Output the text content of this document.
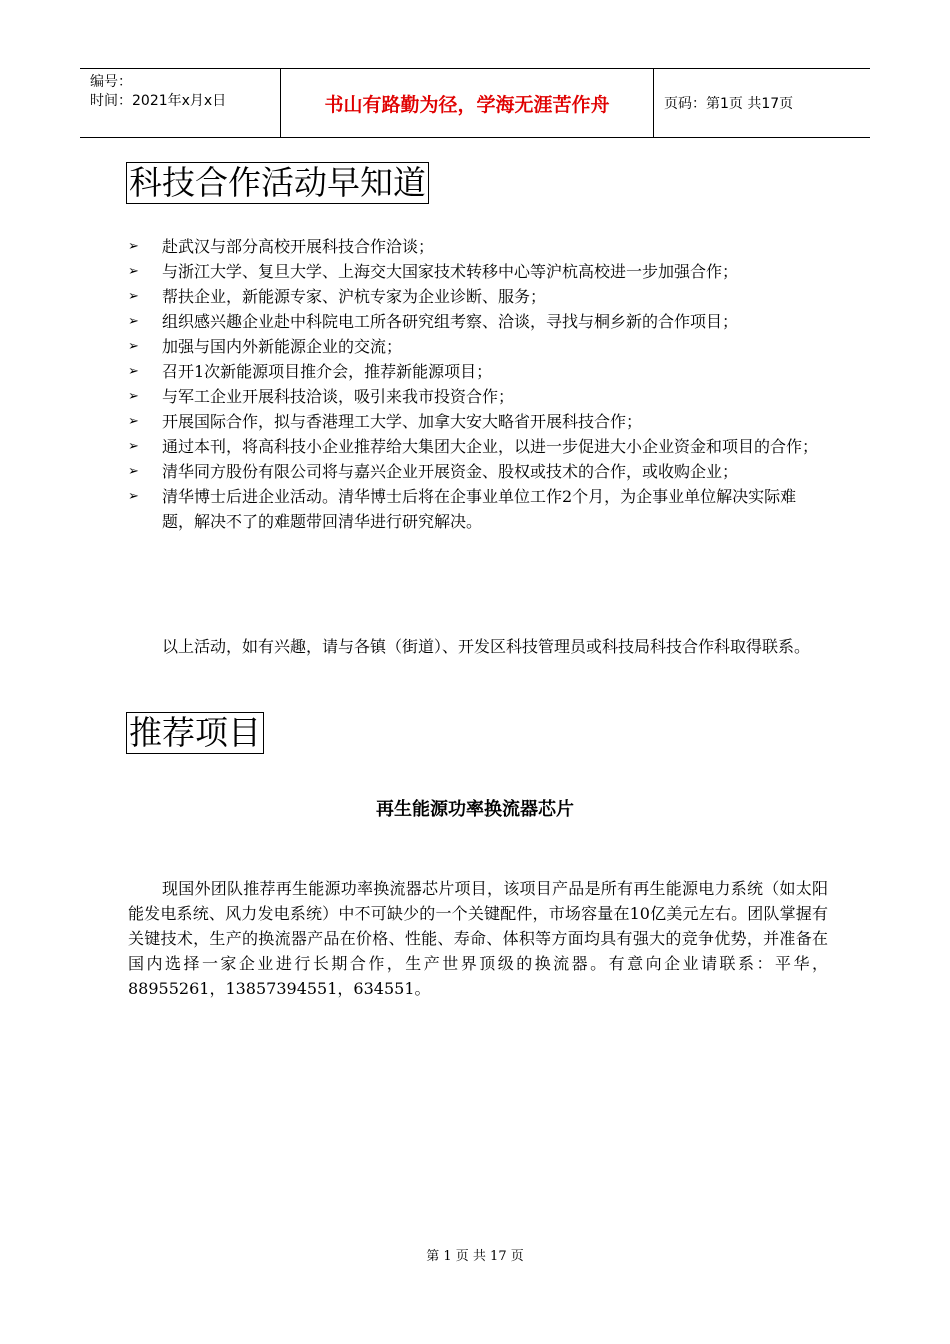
编号：
时间：2021年x月x日	书山有路勤为径，学海无涯苦作舟	页码：第1页 共17页
科技合作活动早知道
➢ 赴武汉与部分高校开展科技合作洽谈；
➢ 与浙江大学、复旦大学、上海交大国家技术转移中心等沪杭高校进一步加强合作；
➢ 帮扶企业，新能源专家、沪杭专家为企业诊断、服务；
➢ 组织感兴趣企业赴中科院电工所各研究组考察、洽谈，寻找与桐乡新的合作项目；
➢ 加强与国内外新能源企业的交流；
➢ 召开1次新能源项目推介会，推荐新能源项目；
➢ 与军工企业开展科技洽谈，吸引来我市投资合作；
➢ 开展国际合作，拟与香港理工大学、加拿大安大略省开展科技合作；
➢ 通过本刊，将高科技小企业推荐给大集团大企业，以进一步促进大小企业资金和项目的合作；
➢ 清华同方股份有限公司将与嘉兴企业开展资金、股权或技术的合作，或收购企业；
➢ 清华博士后进企业活动。清华博士后将在企事业单位工作2个月，为企事业单位解决实际难题，解决不了的难题带回清华进行研究解决。
以上活动，如有兴趣，请与各镇（街道）、开发区科技管理员或科技局科技合作科取得联系。
推荐项目
再生能源功率换流器芯片
现国外团队推荐再生能源功率换流器芯片项目，该项目产品是所有再生能源电力系统（如太阳能发电系统、风力发电系统）中不可缺少的一个关键配件，市场容量在10亿美元左右。团队掌握有关键技术，生产的换流器产品在价格、性能、寿命、体积等方面均具有强大的竞争优势，并准备在国内选择一家企业进行长期合作，生产世界顶级的换流器。有意向企业请联系：平华，
88955261，13857394551，634551。
第 1 页 共 17 页
